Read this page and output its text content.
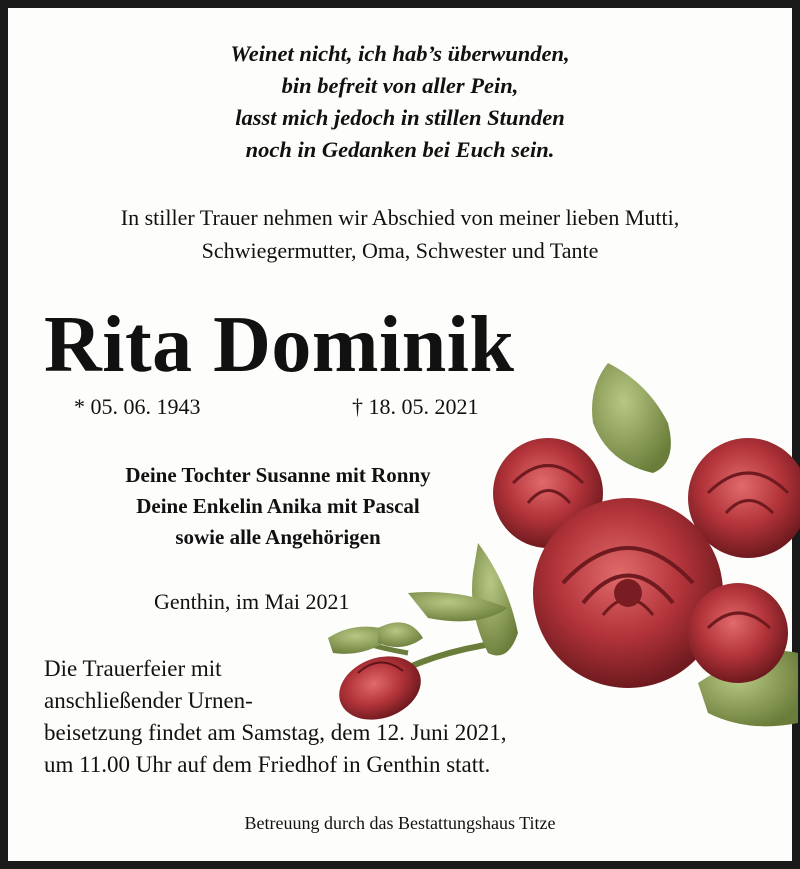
Weinet nicht, ich hab’s überwunden,
bin befreit von aller Pein,
lasst mich jedoch in stillen Stunden
noch in Gedanken bei Euch sein.
In stiller Trauer nehmen wir Abschied von meiner lieben Mutti,
Schwiegermutter, Oma, Schwester und Tante
Rita Dominik
* 05. 06. 1943	† 18. 05. 2021
Deine Tochter Susanne mit Ronny
Deine Enkelin Anika mit Pascal
sowie alle Angehörigen
Genthin, im Mai 2021
Die Trauerfeier mit
anschließender Urnen-
beisetzung findet am Samstag, dem 12. Juni 2021,
um 11.00 Uhr auf dem Friedhof in Genthin statt.
Betreuung durch das Bestattungshaus Titze
